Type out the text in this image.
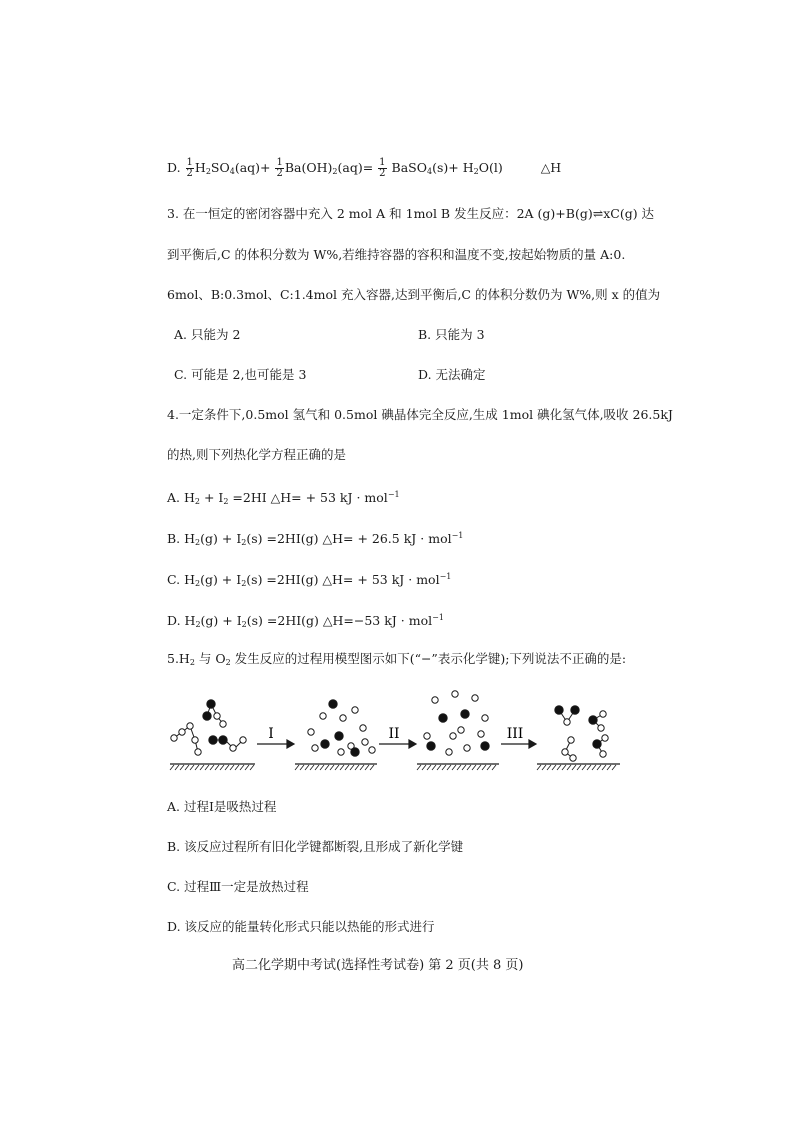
D. $\frac{1}{2} H_2SO_4(aq)+ \frac{1}{2} Ba(OH)_2(aq)= \frac{1}{2}$ BaSO$_4$(s)+ $H_2O(l)$	△H
3. 在一恒定的密闭容器中充入 2 mol A 和 1mol B 发生反应：2A (g)+B(g)⇌xC(g) 达
到平衡后,C 的体积分数为 W%,若维持容器的容积和温度不变,按起始物质的量 A:0.
6mol、B:0.3mol、C:1.4mol 充入容器,达到平衡后,C 的体积分数仍为 W%,则 x 的值为
A. 只能为 2	B. 只能为 3
C. 可能是 2,也可能是 3	D. 无法确定
4.一定条件下,0.5mol 氢气和 0.5mol 碘晶体完全反应,生成 1mol 碘化氢气体,吸收 26.5kJ
的热,则下列热化学方程正确的是
A. $H_2 + I_2 =2HI$ △H= + 53 kJ · mol$^{-1}$
B. $H_2(g) + I_2(s) =2HI(g)$ △H= + 26.5 kJ · mol$^{-1}$
C. $H_2(g) + I_2(s) =2HI(g)$ △H= + 53 kJ · mol$^{-1}$
D. $H_2(g) + I_2(s) =2HI(g)$ △H=−53 kJ · mol$^{-1}$
$5.H_2$ 与 $O_2$ 发生反应的过程用模型图示如下(“−”表示化学键);下列说法不正确的是:
I	II	III
A. 过程Ⅰ是吸热过程
B. 该反应过程所有旧化学键都断裂,且形成了新化学键
C. 过程Ⅲ一定是放热过程
D. 该反应的能量转化形式只能以热能的形式进行
高二化学期中考试(选择性考试卷) 第 2 页(共 8 页)
